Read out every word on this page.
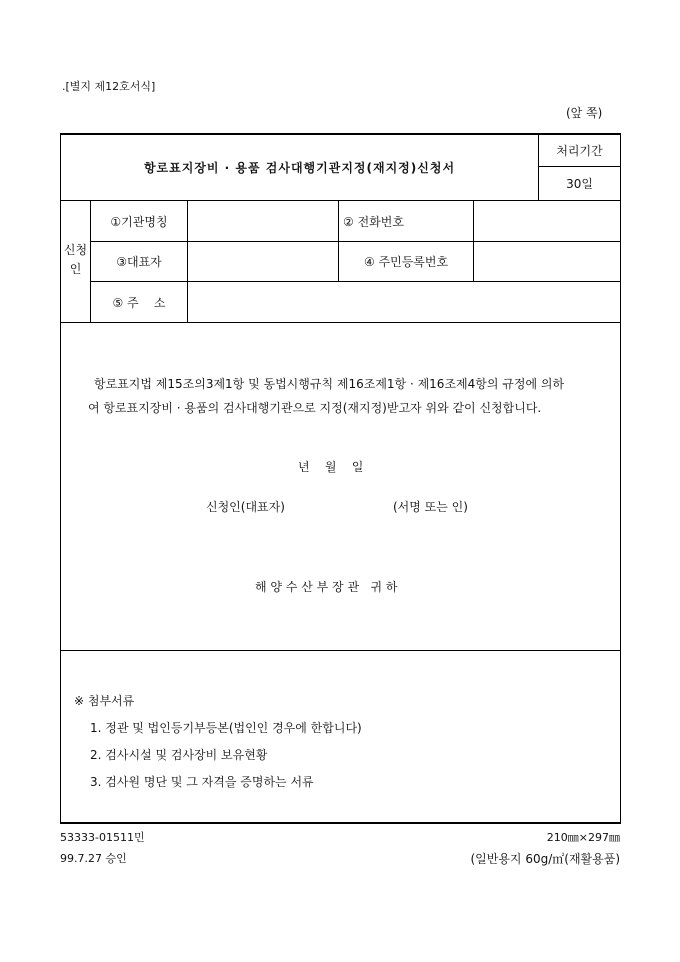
.[별지 제12호서식]
(앞 쪽)
항로표지장비 · 용품 검사대행기관지정(재지정)신청서
처리기간
30일
신청
인
①기관명칭	② 전화번호
③대표자	④ 주민등록번호
⑤ 주    소
항로표지법 제15조의3제1항 및 동법시행규칙 제16조제1항 · 제16조제4항의 규정에 의하
여 항로표지장비 · 용품의 검사대행기관으로 지정(재지정)받고자 위와 같이 신청합니다.
년    월    일
신청인(대표자)	(서명 또는 인)
해 양 수 산 부 장 관   귀 하
※ 첨부서류
1. 정관 및 법인등기부등본(법인인 경우에 한합니다)
2. 검사시설 및 검사장비 보유현황
3. 검사원 명단 및 그 자격을 증명하는 서류
53333-01511민
99.7.27 승인
210㎜×297㎜
(일반용지 60g/㎡(재활용품)
